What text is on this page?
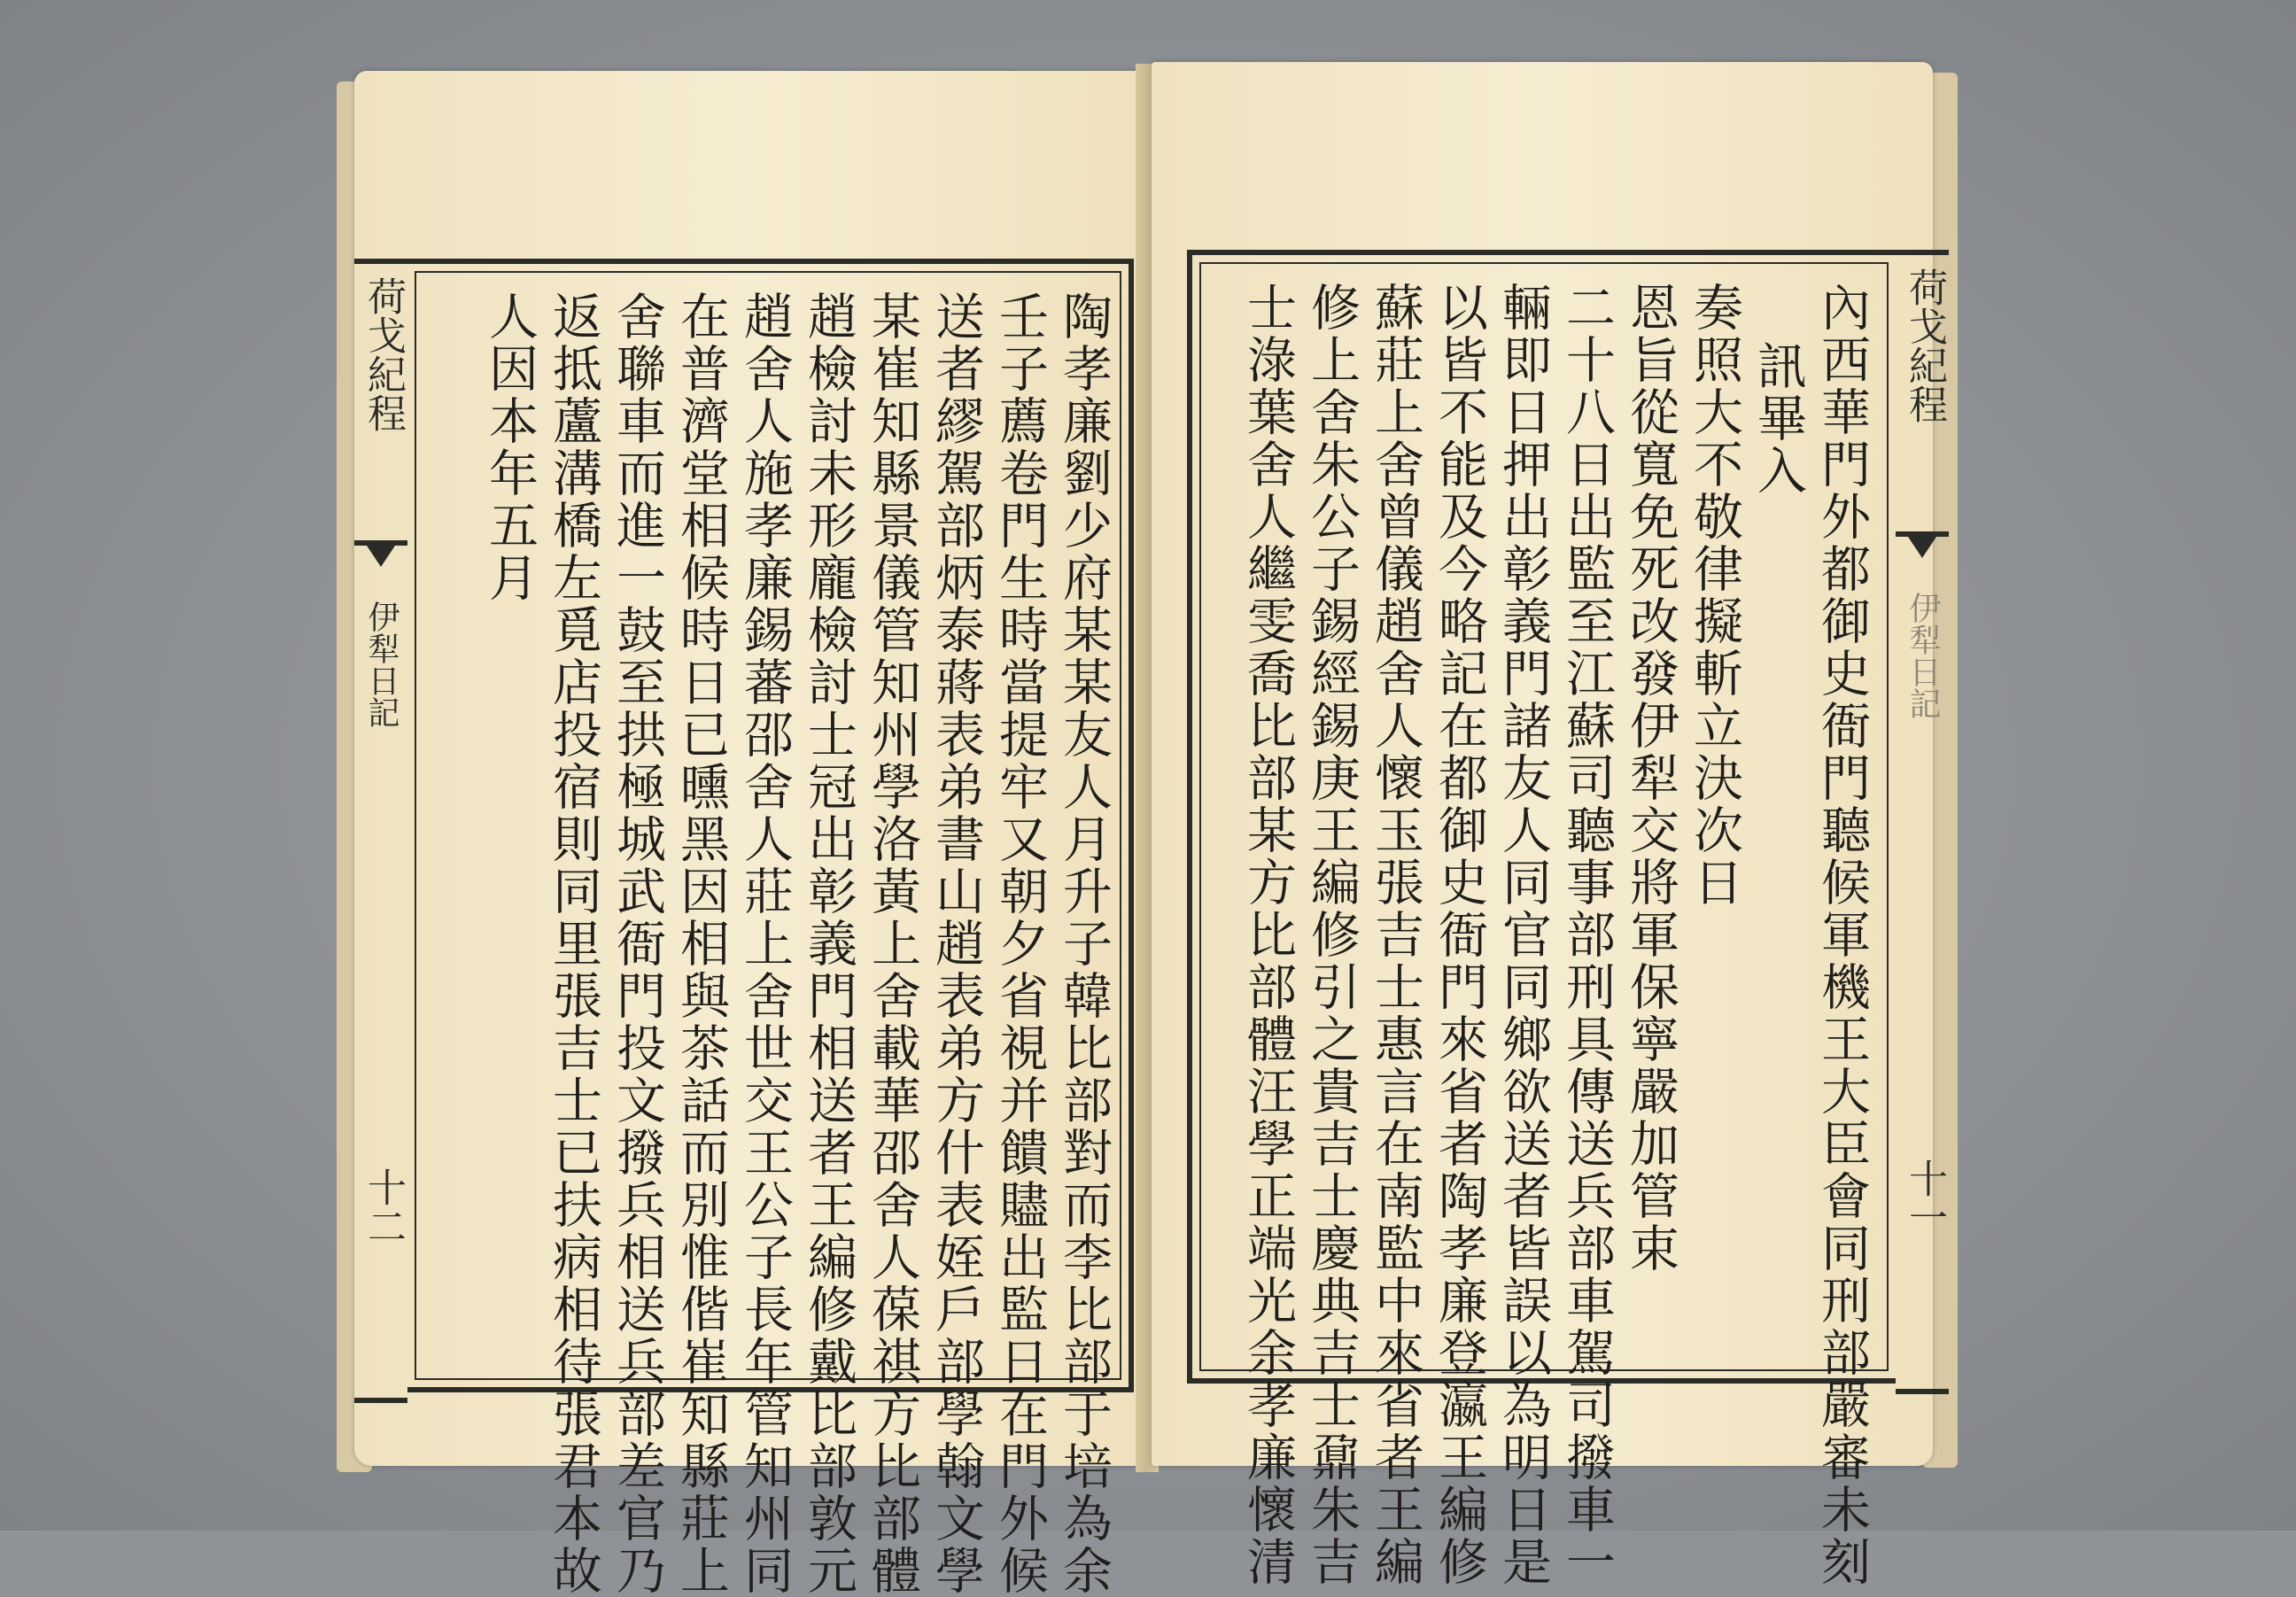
荷戈紀程
伊犁日記
十二	陶孝廉劉少府某某友人月升子韓比部對而李比部于培為余
壬子薦卷門生時當提牢又朝夕省視并饋贐出監日在門外候
送者繆駕部炳泰蔣表弟書山趙表弟方什表姪戶部學翰文學
某崔知縣景儀管知州學洛黃上舍載華邵舍人葆祺方比部體
趙檢討未形龐檢討士冠出彰義門相送者王編修戴比部敦元
趙舍人施孝廉錫蕃邵舍人莊上舍世交王公子長年管知州同
在普濟堂相候時日已曛黑因相與茶話而別惟偕崔知縣莊上
舍聯車而進一鼓至拱極城武衙門投文撥兵相送兵部差官乃
返抵蘆溝橋左覓店投宿則同里張吉士已扶病相待張君本故
人因本年五月	內西華門外都御史衙門聽候軍機王大臣會同刑部嚴審未刻
訊畢入
奏照大不敬律擬斬立決次日
恩旨從寬免死改發伊犁交將軍保寧嚴加管束
二十八日出監至江蘇司聽事部刑具傳送兵部車駕司撥車一
輛即日押出彰義門諸友人同官同鄉欲送者皆誤以為明日是
以皆不能及今略記在都御史衙門來省者陶孝廉登瀛王編修
蘇莊上舍曾儀趙舍人懷玉張吉士惠言在南監中來省者王編
修上舍朱公子錫經錫庚王編修引之貴吉士慶典吉士鼐朱吉
士淥葉舍人繼雯喬比部某方比部體汪學正端光余孝廉懷清	荷戈紀程
伊犁日記
十一
